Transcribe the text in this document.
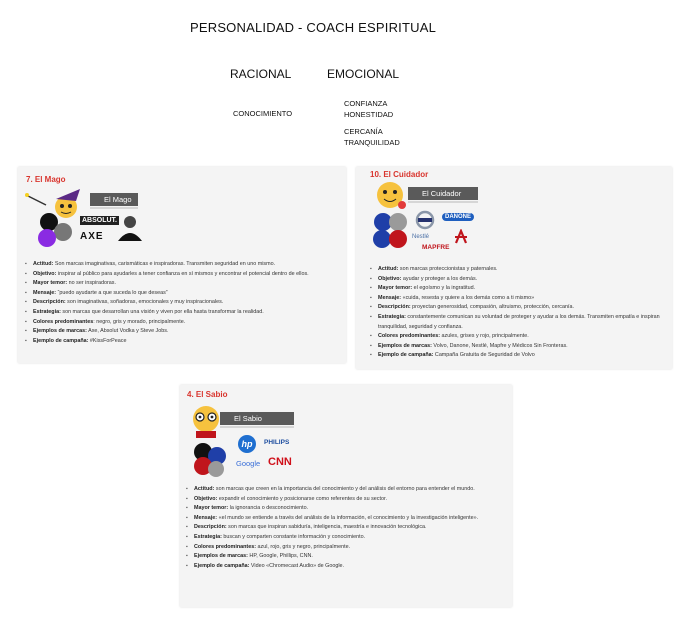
PERSONALIDAD - COACH ESPIRITUAL
RACIONAL	EMOCIONAL
CONOCIMIENTO
CONFIANZA
HONESTIDAD
CERCANÍA
TRANQUILIDAD
7. El Mago
El Mago
ABSOLUT.
AXE
▪ Actitud: Son marcas imaginativas, carismáticas e inspiradoras. Transmiten seguridad en uno mismo.
▪ Objetivo: inspirar al público para ayudarles a tener confianza en sí mismos y encontrar el potencial dentro de ellos.
▪ Mayor temor: no ser inspiradoras.
▪ Mensaje: “puedo ayudarte a que suceda lo que deseas”
▪ Descripción: son imaginativas, soñadoras, emocionales y muy inspiracionales.
▪ Estrategia: son marcas que desarrollan una visión y viven por ella hasta transformar la realidad.
▪ Colores predominantes: negro, gris y morado, principalmente.
▪ Ejemplos de marcas: Axe, Absolut Vodka y Steve Jobs.
▪ Ejemplo de campaña: #KissForPeace
10. El Cuidador
El Cuidador
DANONE
Nestlé
MAPFRE
▪ Actitud: son marcas proteccionistas y paternales.
▪ Objetivo: ayudar y proteger a los demás.
▪ Mayor temor: el egoísmo y la ingratitud.
▪ Mensaje: «cuida, resesta y quiere a los demás como a ti mismo»
▪ Descripción: proyectan generosidad, compasión, altruismo, protección, cercanía.
▪ Estrategia: constantemente comunican su voluntad de proteger y ayudar a los demás. Transmiten empatía e inspiran tranquilidad, seguridad y confianza.
▪ Colores predominantes: azules, grises y rojo, principalmente.
▪ Ejemplos de marcas: Volvo, Danone, Nestlé, Mapfre y Médicos Sin Fronteras.
▪ Ejemplo de campaña: Campaña Gratuita de Seguridad de Volvo
4. El Sabio
El Sabio
hp	PHILIPS
Google CNN
▪ Actitud: son marcas que creen en la importancia del conocimiento y del análisis del entorno para entender el mundo.
▪ Objetivo: expandir el conocimiento y posicionarse como referentes de su sector.
▪ Mayor temor: la ignorancia o desconocimiento.
▪ Mensaje: «el mundo se entiende a través del análisis de la información, el conocimiento y la investigación inteligente».
▪ Descripción: son marcas que inspiran sabiduría, inteligencia, maestría e innovación tecnológica.
▪ Estrategia: buscan y comparten constante información y conocimiento.
▪ Colores predominantes: azul, rojo, gris y negro, principalmente.
▪ Ejemplos de marcas: HP, Google, Phillips, CNN.
▪ Ejemplo de campaña: Video «Chromecast Audio» de Google.
